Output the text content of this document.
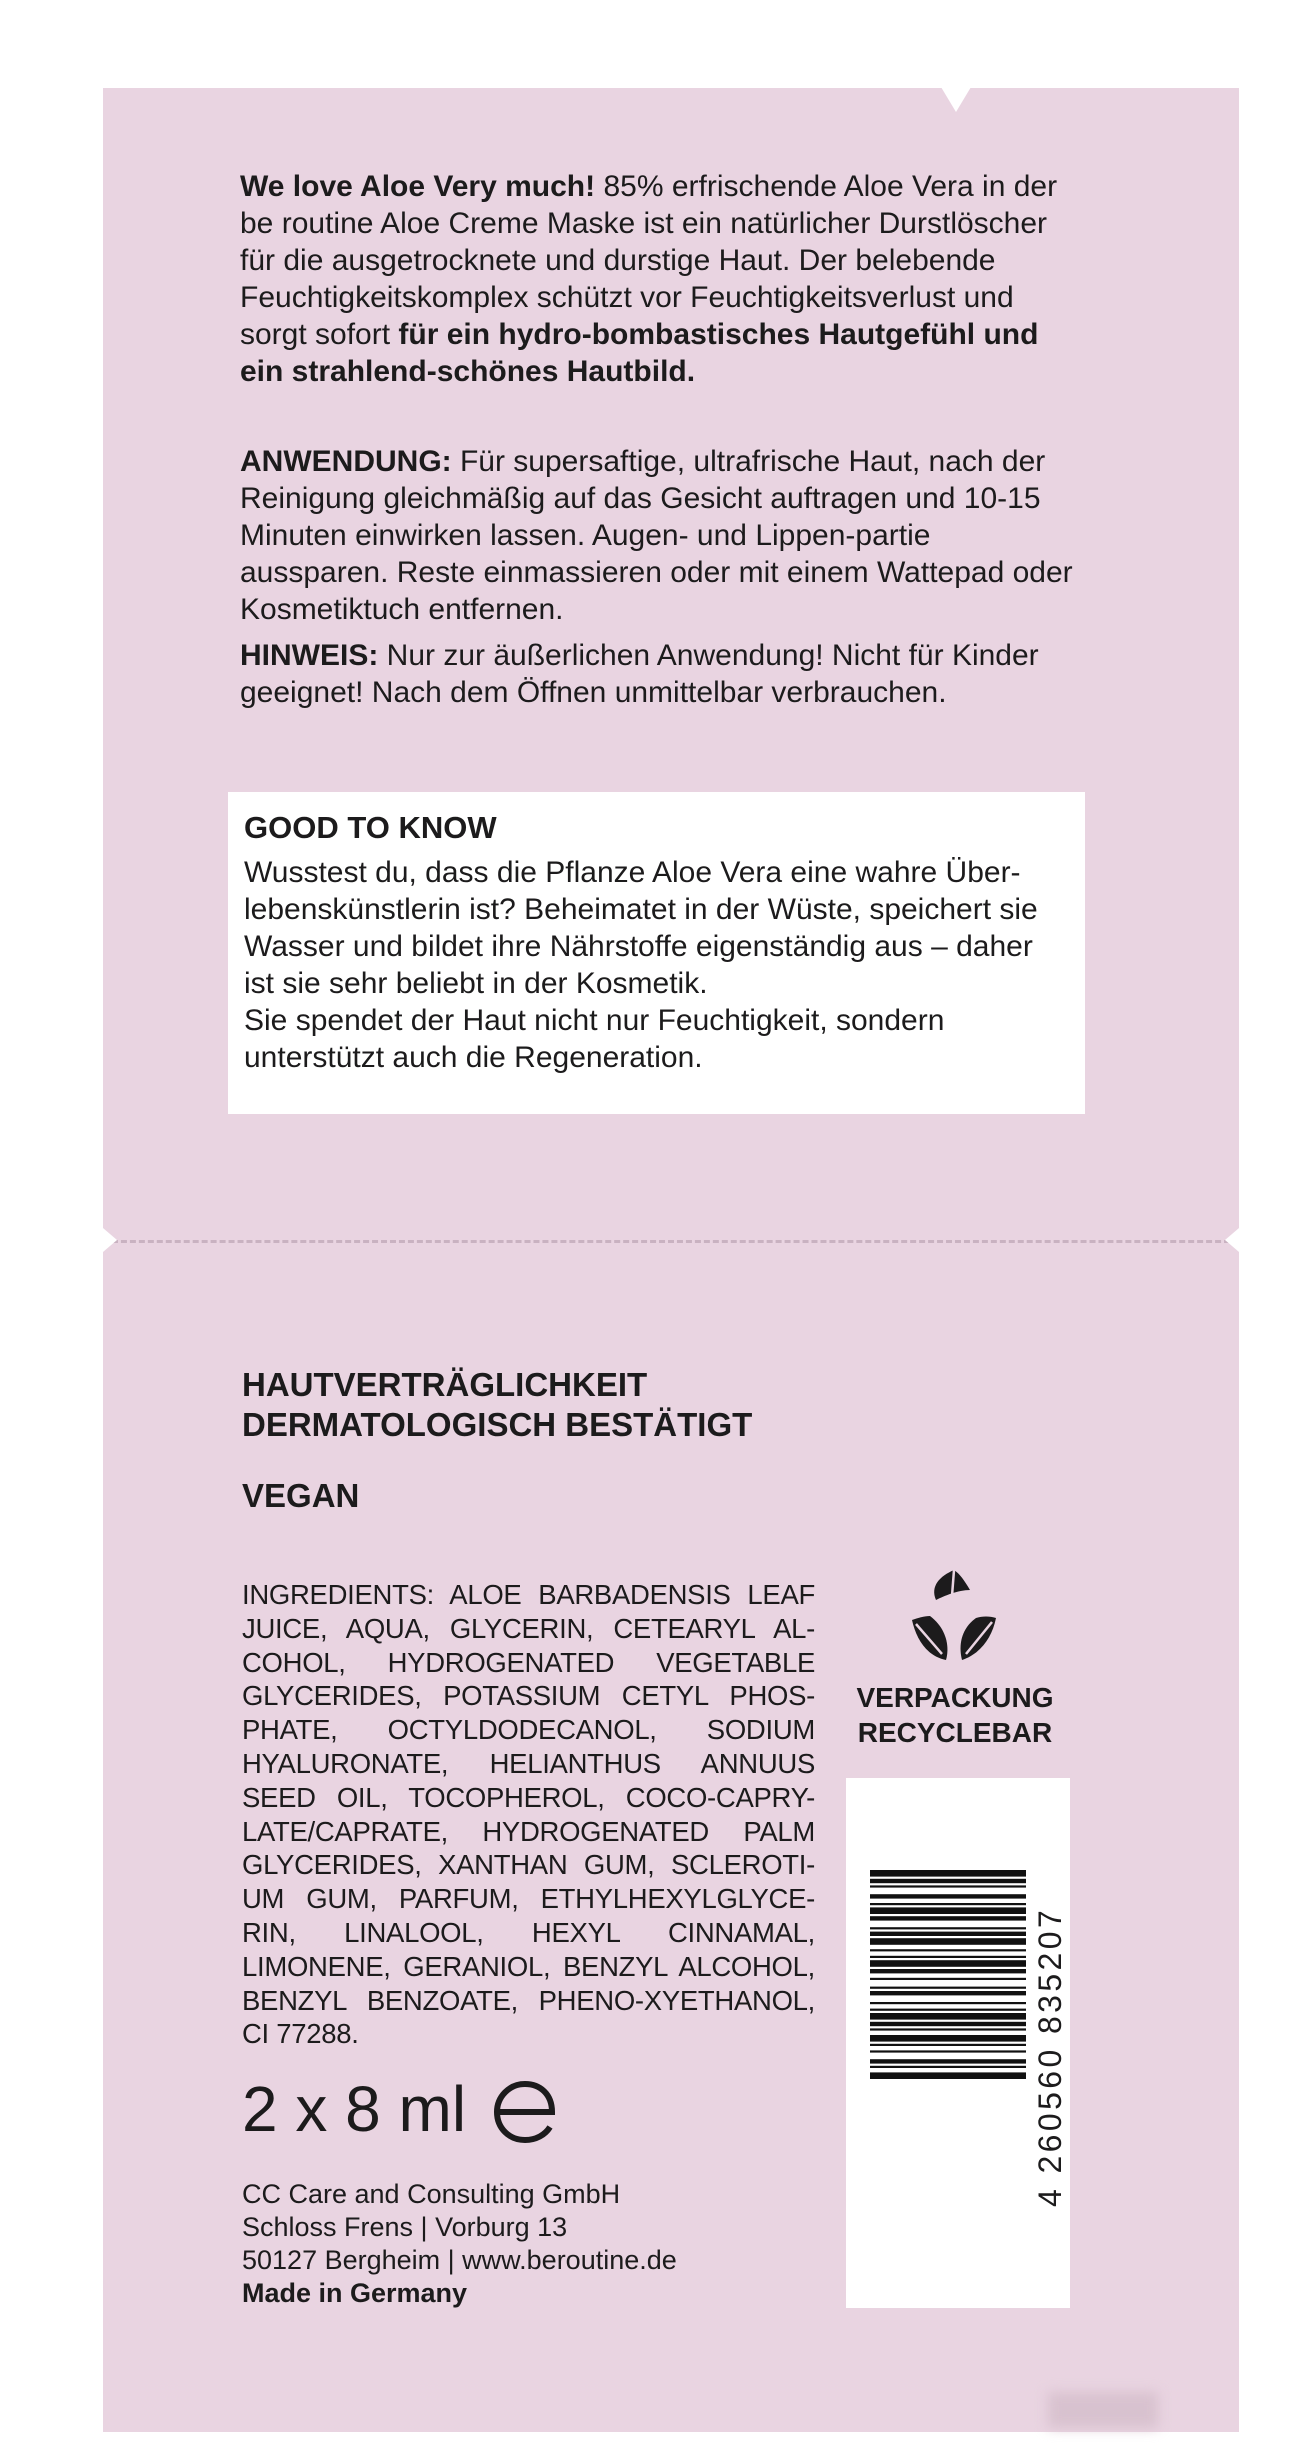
We love Aloe Very much! 85% erfrischende Aloe Vera in der be routine Aloe Creme Maske ist ein natürlicher Durstlöscher für die ausgetrocknete und durstige Haut. Der belebende Feuchtigkeitskomplex schützt vor Feuchtigkeitsverlust und sorgt sofort für ein hydro-bombastisches Hautgefühl und ein strahlend-schönes Hautbild.

ANWENDUNG: Für supersaftige, ultrafrische Haut, nach der Reinigung gleichmäßig auf das Gesicht auftragen und 10-15 Minuten einwirken lassen. Augen- und Lippen-partie aussparen. Reste einmassieren oder mit einem Wattepad oder Kosmetiktuch entfernen.

HINWEIS: Nur zur äußerlichen Anwendung! Nicht für Kinder geeignet! Nach dem Öffnen unmittelbar verbrauchen.

GOOD TO KNOW

Wusstest du, dass die Pflanze Aloe Vera eine wahre Über-lebenskünstlerin ist? Beheimatet in der Wüste, speichert sie Wasser und bildet ihre Nährstoffe eigenständig aus – daher ist sie sehr beliebt in der Kosmetik.

Sie spendet der Haut nicht nur Feuchtigkeit, sondern unterstützt auch die Regeneration.

HAUTVERTRÄGLICHKEIT
DERMATOLOGISCH BESTÄTIGT
VEGAN
INGREDIENTS: ALOE BARBADENSIS LEAF JUICE, AQUA, GLYCERIN, CETEARYL AL-COHOL, HYDROGENATED VEGETABLE GLYCERIDES, POTASSIUM CETYL PHOS-PHATE, OCTYLDODECANOL, SODIUM HYALURONATE, HELIANTHUS ANNUUS SEED OIL, TOCOPHEROL, COCO-CAPRY-LATE/CAPRATE, HYDROGENATED PALM GLYCERIDES, XANTHAN GUM, SCLEROTI-UM GUM, PARFUM, ETHYLHEXYLGLYCE-RIN, LINALOOL, HEXYL CINNAMAL, LIMONENE, GERANIOL, BENZYL ALCOHOL, BENZYL BENZOATE, PHENO-XYETHANOL, CI 77288.
2 x 8 ml
CC Care and Consulting GmbH
Schloss Frens | Vorburg 13
50127 Bergheim | www.beroutine.de
Made in Germany
VERPACKUNG
RECYCLEBAR
4 260560 835207
